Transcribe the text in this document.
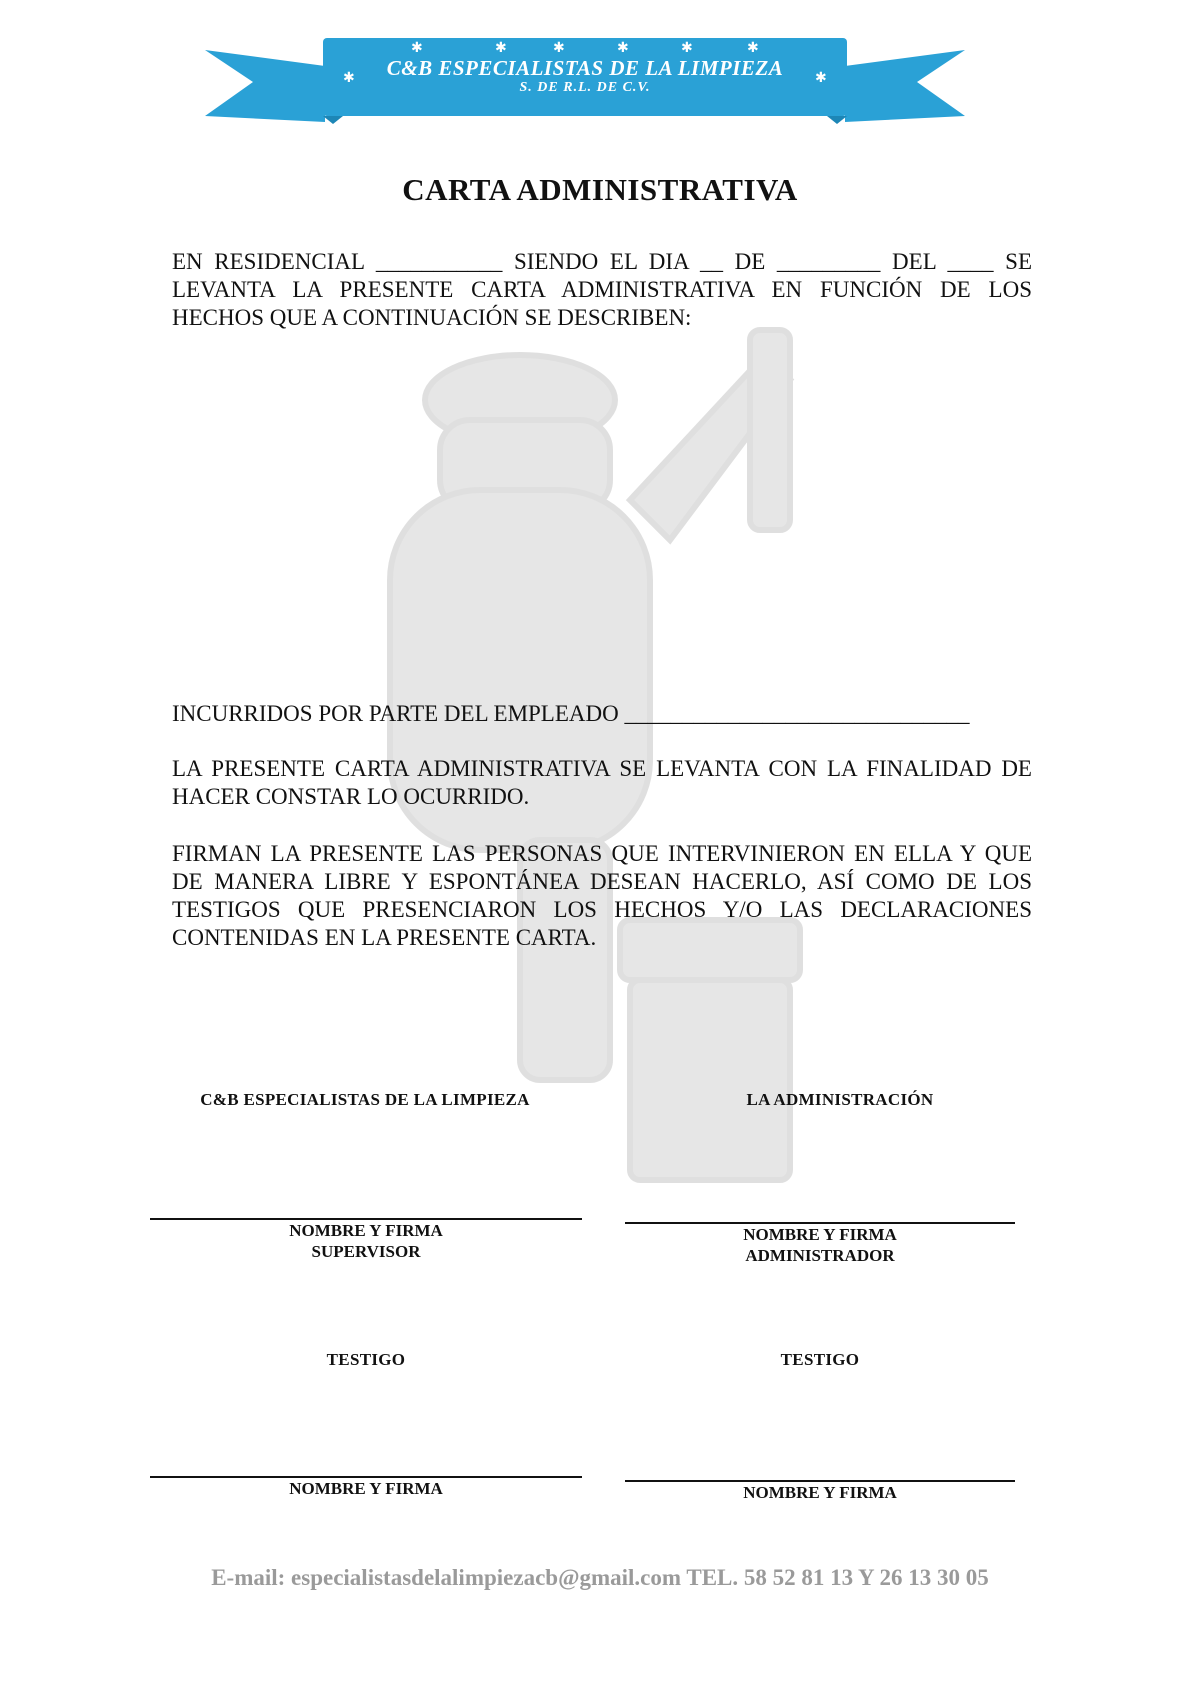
✱	✱	✱	✱	✱	✱
✱	✱
C&B ESPECIALISTAS DE LA LIMPIEZA
S. DE R.L. DE C.V.
CARTA ADMINISTRATIVA
EN RESIDENCIAL ___________ SIENDO EL DIA __ DE _________ DEL ____ SE LEVANTA LA PRESENTE CARTA ADMINISTRATIVA EN FUNCIÓN DE LOS HECHOS QUE A CONTINUACIÓN SE DESCRIBEN:
INCURRIDOS POR PARTE DEL EMPLEADO ______________________________
LA PRESENTE CARTA ADMINISTRATIVA SE LEVANTA CON LA FINALIDAD DE HACER CONSTAR LO OCURRIDO.
FIRMAN LA PRESENTE LAS PERSONAS QUE INTERVINIERON EN ELLA Y QUE DE MANERA LIBRE Y ESPONTÁNEA DESEAN HACERLO, ASÍ COMO DE LOS TESTIGOS QUE PRESENCIARON LOS HECHOS Y/O LAS DECLARACIONES CONTENIDAS EN LA PRESENTE CARTA.
C&B ESPECIALISTAS DE LA LIMPIEZA	LA ADMINISTRACIÓN
NOMBRE Y FIRMA
SUPERVISOR
NOMBRE Y FIRMA
ADMINISTRADOR
TESTIGO	TESTIGO
NOMBRE Y FIRMA	NOMBRE Y FIRMA
E-mail: especialistasdelalimpiezacb@gmail.com TEL. 58 52 81 13 Y 26 13 30 05
